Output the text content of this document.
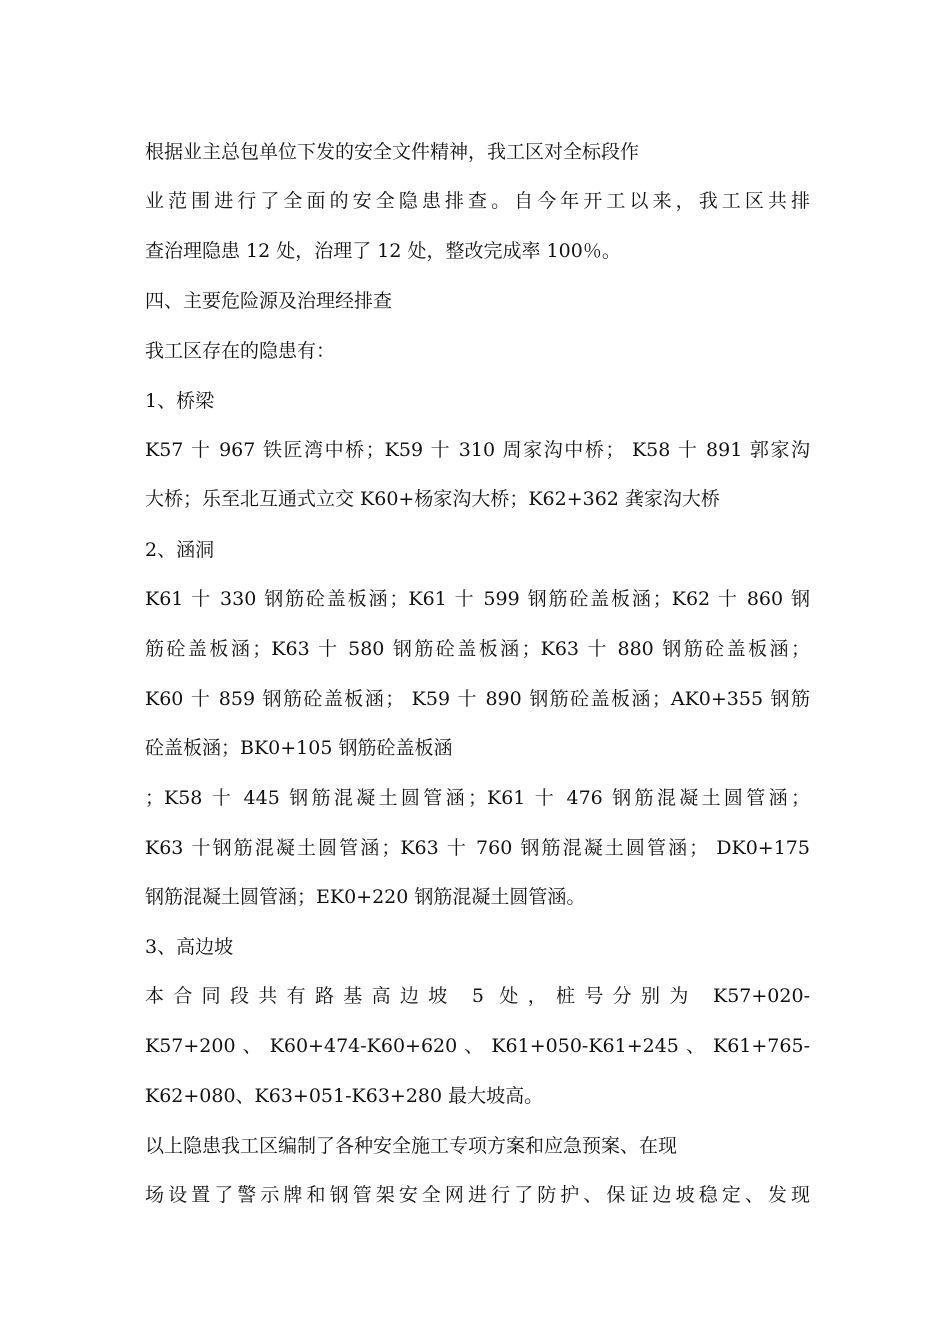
根据业主总包单位下发的安全文件精神，我工区对全标段作
业范围进行了全面的安全隐患排查。自今年开工以来，我工区共排
查治理隐患 12 处，治理了 12 处，整改完成率 100％。
四、主要危险源及治理经排查
我工区存在的隐患有：
1、桥梁
K57 十 967 铁匠湾中桥；K59 十 310 周家沟中桥； K58 十 891 郭家沟
大桥；乐至北互通式立交 K60+杨家沟大桥；K62+362 龚家沟大桥
2、涵洞
K61 十 330 钢筋砼盖板涵；K61 十 599 钢筋砼盖板涵；K62 十 860 钢
筋砼盖板涵；K63 十 580 钢筋砼盖板涵；K63 十 880 钢筋砼盖板涵；
K60 十 859 钢筋砼盖板涵； K59 十 890 钢筋砼盖板涵；AK0+355 钢筋
砼盖板涵；BK0+105 钢筋砼盖板涵
；K58 十 445 钢筋混凝土圆管涵；K61 十 476 钢筋混凝土圆管涵；
K63 十钢筋混凝土圆管涵；K63 十 760 钢筋混凝土圆管涵； DK0+175
钢筋混凝土圆管涵；EK0+220 钢筋混凝土圆管涵。
3、高边坡
本合同段共有路基高边坡 5 处，桩号分别为 K57+020-
K57+200 、 K60+474-K60+620 、 K61+050-K61+245 、 K61+765-
K62+080、K63+051-K63+280 最大坡高。
以上隐患我工区编制了各种安全施工专项方案和应急预案、在现
场设置了警示牌和钢管架安全网进行了防护、保证边坡稳定、发现
